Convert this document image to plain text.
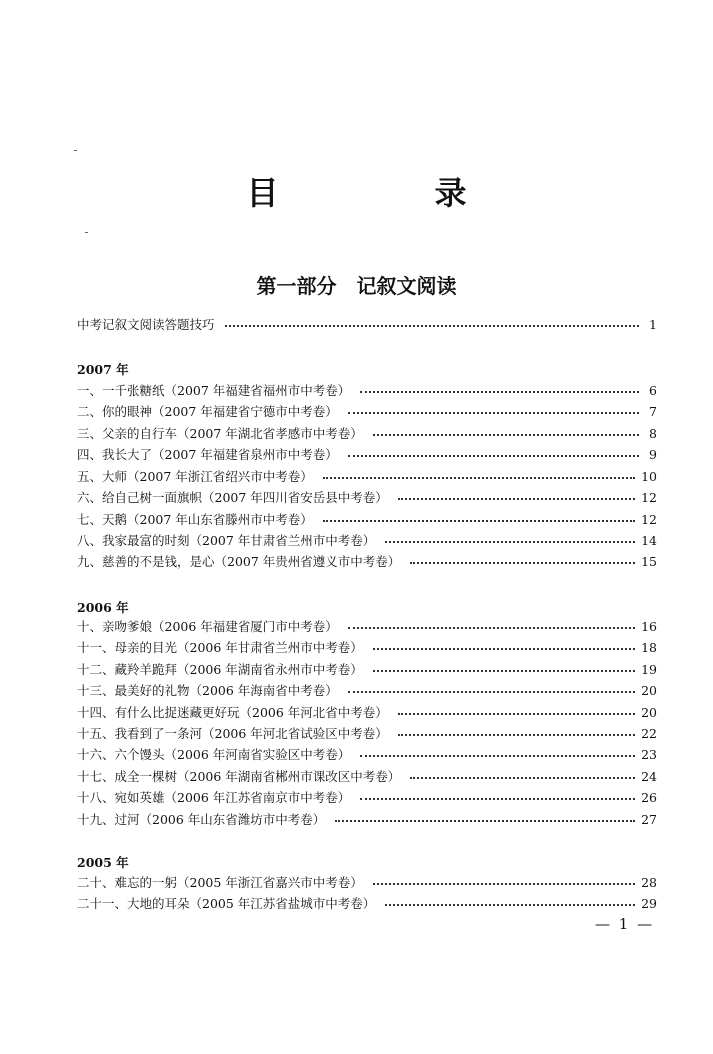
目　录
第一部分　记叙文阅读
中考记叙文阅读答题技巧	1
2007 年
一、一千张糖纸（2007 年福建省福州市中考卷）	6
二、你的眼神（2007 年福建省宁德市中考卷）	7
三、父亲的自行车（2007 年湖北省孝感市中考卷）	8
四、我长大了（2007 年福建省泉州市中考卷）	9
五、大师（2007 年浙江省绍兴市中考卷）	10
六、给自己树一面旗帜（2007 年四川省安岳县中考卷）	12
七、天鹅（2007 年山东省滕州市中考卷）	12
八、我家最富的时刻（2007 年甘肃省兰州市中考卷）	14
九、慈善的不是钱，是心（2007 年贵州省遵义市中考卷）	15
2006 年
十、亲吻爹娘（2006 年福建省厦门市中考卷）	16
十一、母亲的目光（2006 年甘肃省兰州市中考卷）	18
十二、藏羚羊跪拜（2006 年湖南省永州市中考卷）	19
十三、最美好的礼物（2006 年海南省中考卷）	20
十四、有什么比捉迷藏更好玩（2006 年河北省中考卷）	20
十五、我看到了一条河（2006 年河北省试验区中考卷）	22
十六、六个馒头（2006 年河南省实验区中考卷）	23
十七、成全一棵树（2006 年湖南省郴州市课改区中考卷）	24
十八、宛如英雄（2006 年江苏省南京市中考卷）	26
十九、过河（2006 年山东省潍坊市中考卷）	27
2005 年
二十、难忘的一躬（2005 年浙江省嘉兴市中考卷）	28
二十一、大地的耳朵（2005 年江苏省盐城市中考卷）	29
— 1 —
